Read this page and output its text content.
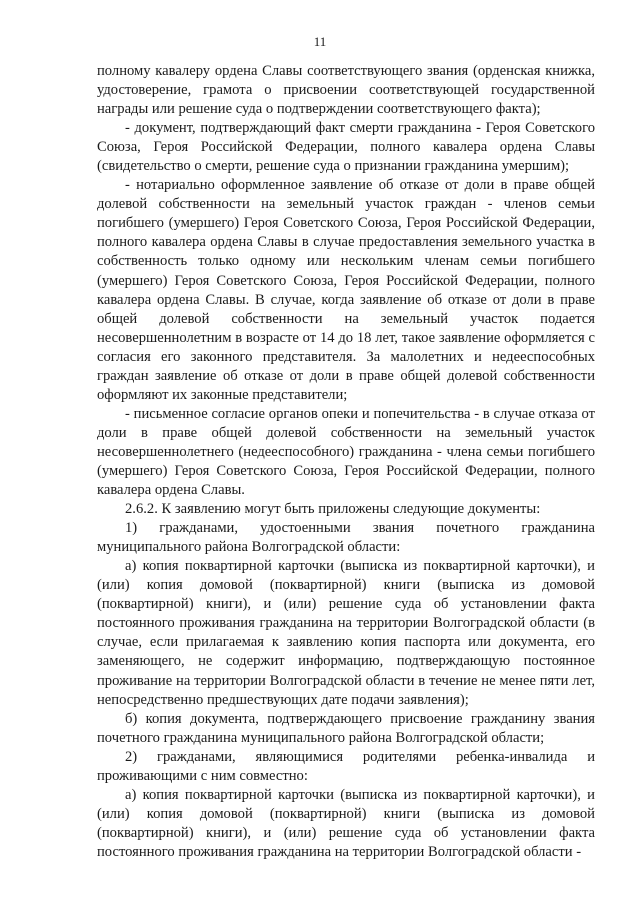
11

полному кавалеру ордена Славы соответствующего звания (орденская книжка, удостоверение, грамота о присвоении соответствующей государственной награды или решение суда о подтверждении соответствующего факта);

- документ, подтверждающий факт смерти гражданина - Героя Советского Союза, Героя Российской Федерации, полного кавалера ордена Славы (свидетельство о смерти, решение суда о признании гражданина умершим);

- нотариально оформленное заявление об отказе от доли в праве общей долевой собственности на земельный участок граждан - членов семьи погибшего (умершего) Героя Советского Союза, Героя Российской Федерации, полного кавалера ордена Славы в случае предоставления земельного участка в собственность только одному или нескольким членам семьи погибшего (умершего) Героя Советского Союза, Героя Российской Федерации, полного кавалера ордена Славы. В случае, когда заявление об отказе от доли в праве общей долевой собственности на земельный участок подается несовершеннолетним в возрасте от 14 до 18 лет, такое заявление оформляется с согласия его законного представителя. За малолетних и недееспособных граждан заявление об отказе от доли в праве общей долевой собственности оформляют их законные представители;

- письменное согласие органов опеки и попечительства - в случае отказа от доли в праве общей долевой собственности на земельный участок несовершеннолетнего (недееспособного) гражданина - члена семьи погибшего (умершего) Героя Советского Союза, Героя Российской Федерации, полного кавалера ордена Славы.

2.6.2. К заявлению могут быть приложены следующие документы:

1) гражданами, удостоенными звания почетного гражданина муниципального района Волгоградской области:

а) копия поквартирной карточки (выписка из поквартирной карточки), и (или) копия домовой (поквартирной) книги (выписка из домовой (поквартирной) книги), и (или) решение суда об установлении факта постоянного проживания гражданина на территории Волгоградской области (в случае, если прилагаемая к заявлению копия паспорта или документа, его заменяющего, не содержит информацию, подтверждающую постоянное проживание на территории Волгоградской области в течение не менее пяти лет, непосредственно предшествующих дате подачи заявления);

б) копия документа, подтверждающего присвоение гражданину звания почетного гражданина муниципального района Волгоградской области;

2) гражданами, являющимися родителями ребенка-инвалида и проживающими с ним совместно:

а) копия поквартирной карточки (выписка из поквартирной карточки), и (или) копия домовой (поквартирной) книги (выписка из домовой (поквартирной) книги), и (или) решение суда об установлении факта постоянного проживания гражданина на территории Волгоградской области -
